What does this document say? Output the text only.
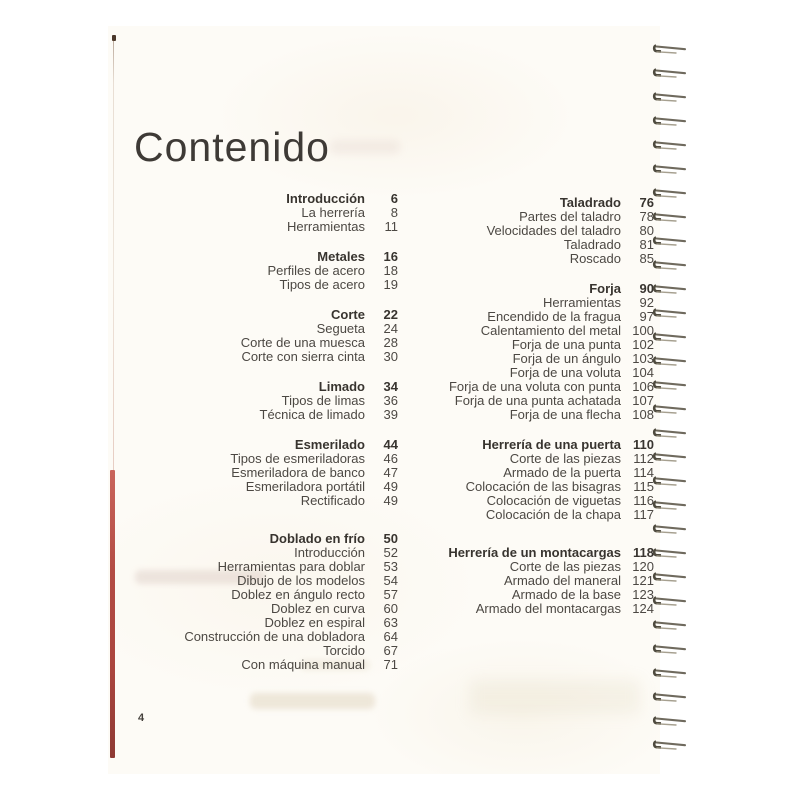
Contenido
Introducción	6
La herrería	8
Herramientas	11
Metales	16
Perfiles de acero	18
Tipos de acero	19
Corte	22
Segueta	24
Corte de una muesca	28
Corte con sierra cinta	30
Limado	34
Tipos de limas	36
Técnica de limado	39
Esmerilado	44
Tipos de esmeriladoras	46
Esmeriladora de banco	47
Esmeriladora portátil	49
Rectificado	49
Doblado en frío	50
Introducción	52
Herramientas para doblar	53
Dibujo de los modelos	54
Doblez en ángulo recto	57
Doblez en curva	60
Doblez en espiral	63
Construcción de una dobladora	64
Torcido	67
Con máquina manual	71
Taladrado	76
Partes del taladro	78
Velocidades del taladro	80
Taladrado	81
Roscado	85
Forja	90
Herramientas	92
Encendido de la fragua	97
Calentamiento del metal 100
Forja de una punta 102
Forja de un ángulo 103
Forja de una voluta 104
Forja de una voluta con punta 106
Forja de una punta achatada 107
Forja de una flecha 108
Herrería de una puerta 110
Corte de las piezas 112
Armado de la puerta 114
Colocación de las bisagras 115
Colocación de viguetas 116
Colocación de la chapa 117
Herrería de un montacargas 118
Corte de las piezas 120
Armado del maneral 121
Armado de la base 123
Armado del montacargas 124
4
